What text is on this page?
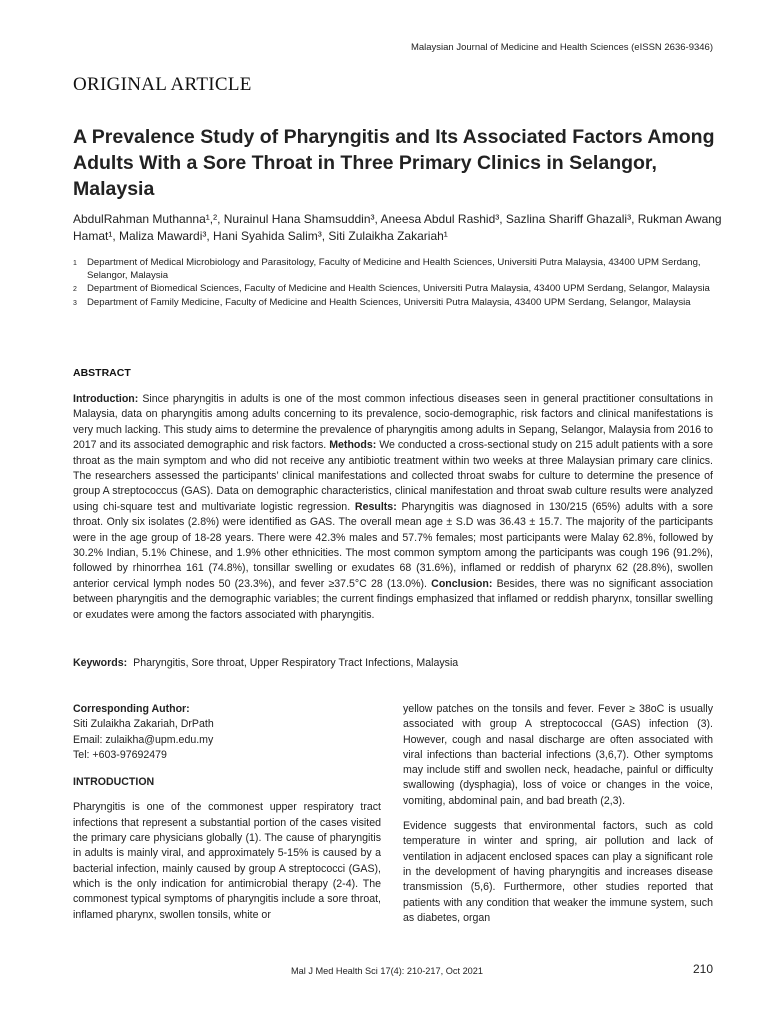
Malaysian Journal of Medicine and Health Sciences (eISSN 2636-9346)
ORIGINAL ARTICLE
A Prevalence Study of Pharyngitis and Its Associated Factors Among Adults With a Sore Throat in Three Primary Clinics in Selangor, Malaysia
AbdulRahman Muthanna¹,², Nurainul Hana Shamsuddin³, Aneesa Abdul Rashid³, Sazlina Shariff Ghazali³, Rukman Awang Hamat¹, Maliza Mawardi³, Hani Syahida Salim³, Siti Zulaikha Zakariah¹
1	Department of Medical Microbiology and Parasitology, Faculty of Medicine and Health Sciences, Universiti Putra Malaysia, 43400 UPM Serdang, Selangor, Malaysia
2	Department of Biomedical Sciences, Faculty of Medicine and Health Sciences, Universiti Putra Malaysia, 43400 UPM Serdang, Selangor, Malaysia
3	Department of Family Medicine, Faculty of Medicine and Health Sciences, Universiti Putra Malaysia, 43400 UPM Serdang, Selangor, Malaysia
ABSTRACT
Introduction: Since pharyngitis in adults is one of the most common infectious diseases seen in general practitioner consultations in Malaysia, data on pharyngitis among adults concerning to its prevalence, socio-demographic, risk factors and clinical manifestations is very much lacking. This study aims to determine the prevalence of pharyngitis among adults in Sepang, Selangor, Malaysia from 2016 to 2017 and its associated demographic and risk factors. Methods: We conducted a cross-sectional study on 215 adult patients with a sore throat as the main symptom and who did not receive any antibiotic treatment within two weeks at three Malaysian primary care clinics. The researchers assessed the participants’ clinical manifestations and collected throat swabs for culture to determine the presence of group A streptococcus (GAS). Data on demographic characteristics, clinical manifestation and throat swab culture results were analyzed using chi-square test and multivariate logistic regression. Results: Pharyngitis was diagnosed in 130/215 (65%) adults with a sore throat. Only six isolates (2.8%) were identified as GAS. The overall mean age ± S.D was 36.43 ± 15.7. The majority of the participants were in the age group of 18-28 years. There were 42.3% males and 57.7% females; most participants were Malay 62.8%, followed by 30.2% Indian, 5.1% Chinese, and 1.9% other ethnicities. The most common symptom among the participants was cough 196 (91.2%), followed by rhinorrhea 161 (74.8%), tonsillar swelling or exudates 68 (31.6%), inflamed or reddish of pharynx 62 (28.8%), swollen anterior cervical lymph nodes 50 (23.3%), and fever ≥37.5°C 28 (13.0%). Conclusion: Besides, there was no significant association between pharyngitis and the demographic variables; the current findings emphasized that inflamed or reddish pharynx, tonsillar swelling or exudates were among the factors associated with pharyngitis.
Keywords: Pharyngitis, Sore throat, Upper Respiratory Tract Infections, Malaysia
Corresponding Author:
Siti Zulaikha Zakariah, DrPath
Email: zulaikha@upm.edu.my
Tel: +603-97692479
INTRODUCTION

Pharyngitis is one of the commonest upper respiratory tract infections that represent a substantial portion of the cases visited the primary care physicians globally (1). The cause of pharyngitis in adults is mainly viral, and approximately 5-15% is caused by a bacterial infection, mainly caused by group A streptococci (GAS), which is the only indication for antimicrobial therapy (2-4). The commonest typical symptoms of pharyngitis include a sore throat, inflamed pharynx, swollen tonsils, white or

yellow patches on the tonsils and fever. Fever ≥ 38oC is usually associated with group A streptococcal (GAS) infection (3). However, cough and nasal discharge are often associated with viral infections than bacterial infections (3,6,7). Other symptoms may include stiff and swollen neck, headache, painful or difficulty swallowing (dysphagia), loss of voice or changes in the voice, vomiting, abdominal pain, and bad breath (2,3).

Evidence suggests that environmental factors, such as cold temperature in winter and spring, air pollution and lack of ventilation in adjacent enclosed spaces can play a significant role in the development of having pharyngitis and increases disease transmission (5,6). Furthermore, other studies reported that patients with any condition that weaker the immune system, such as diabetes, organ

Mal J Med Health Sci 17(4): 210-217, Oct 2021	210
